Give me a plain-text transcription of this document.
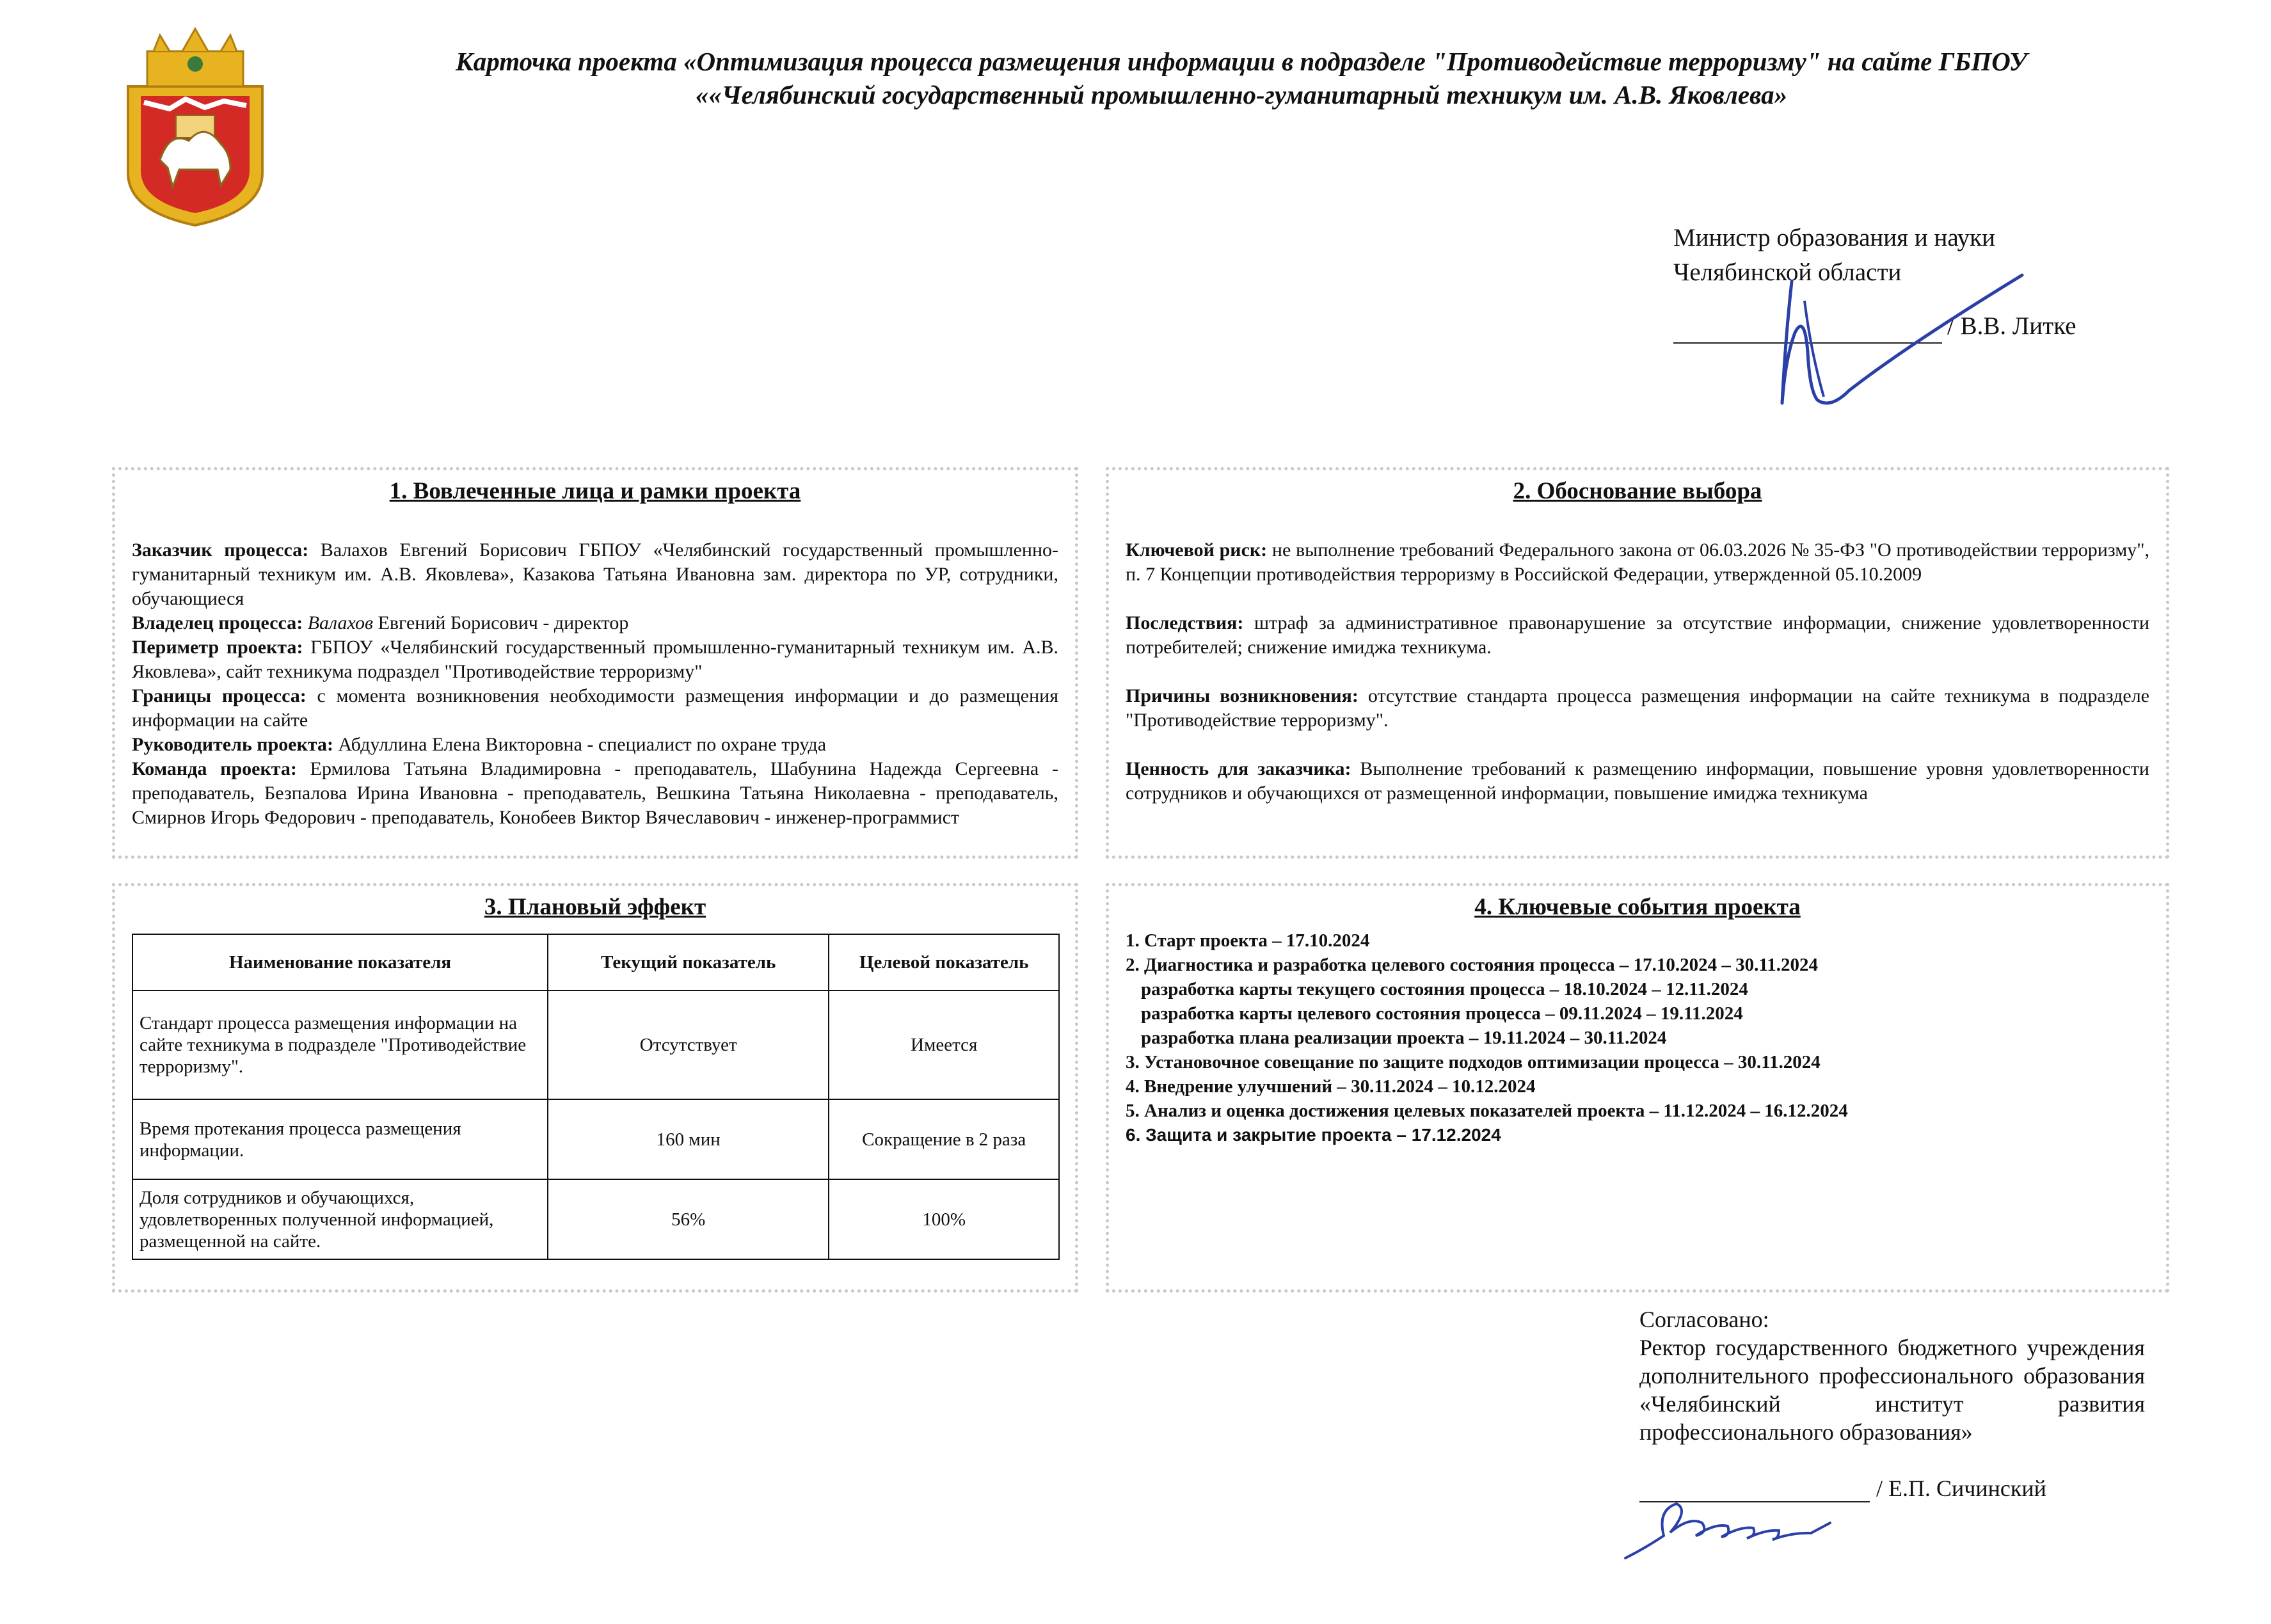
Карточка проекта «Оптимизация процесса размещения информации в подразделе "Противодействие терроризму" на сайте ГБПОУ ««Челябинский государственный промышленно-гуманитарный техникум им. А.В. Яковлева»
Министр образования и науки
Челябинской области
/ В.В. Литке
1. Вовлеченные лица и рамки проекта

Заказчик процесса: Валахов Евгений Борисович ГБПОУ «Челябинский государственный промышленно-гуманитарный техникум им. А.В. Яковлева», Казакова Татьяна Ивановна зам. директора по УР, сотрудники, обучающиеся

Владелец процесса: Валахов Евгений Борисович - директор

Периметр проекта: ГБПОУ «Челябинский государственный промышленно-гуманитарный техникум им. А.В. Яковлева», сайт техникума подраздел "Противодействие терроризму"

Границы процесса: с момента возникновения необходимости размещения информации и до размещения информации на сайте

Руководитель проекта: Абдуллина Елена Викторовна - специалист по охране труда

Команда проекта: Ермилова Татьяна Владимировна - преподаватель, Шабунина Надежда Сергеевна - преподаватель, Безпалова Ирина Ивановна - преподаватель, Вешкина Татьяна Николаевна - преподаватель, Смирнов Игорь Федорович - преподаватель, Конобеев Виктор Вячеславович - инженер-программист

2. Обоснование выбора

Ключевой риск: не выполнение требований Федерального закона от 06.03.2026 № 35-ФЗ "О противодействии терроризму", п. 7 Концепции противодействия терроризму в Российской Федерации, утвержденной 05.10.2009

Последствия: штраф за административное правонарушение за отсутствие информации, снижение удовлетворенности потребителей; снижение имиджа техникума.

Причины возникновения: отсутствие стандарта процесса размещения информации на сайте техникума в подразделе "Противодействие терроризму".

Ценность для заказчика: Выполнение требований к размещению информации, повышение уровня удовлетворенности сотрудников и обучающихся от размещенной информации, повышение имиджа техникума

3. Плановый эффект
Наименование показателя	Текущий показатель	Целевой показатель
Стандарт процесса размещения информации на сайте техникума в подразделе "Противодействие терроризму".	Отсутствует	Имеется
Время протекания процесса размещения информации.	160 мин	Сокращение в 2 раза
Доля сотрудников и обучающихся, удовлетворенных полученной информацией, размещенной на сайте.	56%	100%
4. Ключевые события проекта
1. Старт проекта – 17.10.2024
2. Диагностика и разработка целевого состояния процесса – 17.10.2024 – 30.11.2024
разработка карты текущего состояния процесса – 18.10.2024 – 12.11.2024
разработка карты целевого состояния процесса – 09.11.2024 – 19.11.2024
разработка плана реализации проекта – 19.11.2024 – 30.11.2024
3. Установочное совещание по защите подходов оптимизации процесса – 30.11.2024
4. Внедрение улучшений – 30.11.2024 – 10.12.2024
5. Анализ и оценка достижения целевых показателей проекта – 11.12.2024 – 16.12.2024
6. Защита и закрытие проекта – 17.12.2024
Согласовано:
Ректор государственного бюджетного учреждения дополнительного профессионального образования «Челябинский институт развития профессионального образования»
/ Е.П. Сичинский
